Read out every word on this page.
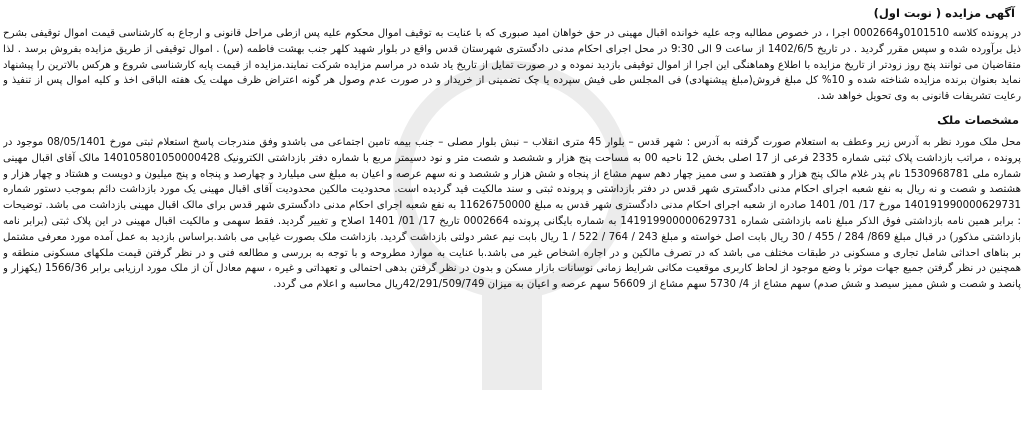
آگهی مزایده ( نوبت اول)

در پرونده کلاسه 0101510و0002664 اجرا ، در خصوص مطالبه وجه علیه خوانده اقبال مهینی در حق خواهان امید صبوری که با عنایت به توقیف اموال محکوم علیه پس ازطی مراحل قانونی و ارجاع به کارشناسی قیمت اموال توقیفی بشرح ذیل برآورده شده و سپس مقرر گردید . در تاریخ 1402/6/5 از ساعت 9 الی 9:30 در محل اجرای احکام مدنی دادگستری شهرستان قدس واقع در بلوار شهید کلهر جنب بهشت فاطمه (س) . اموال توقیفی از طریق مزایده بفروش برسد . لذا متقاضیان می توانند پنج روز زودتر از تاریخ مزایده با اطلاع وهماهنگی این اجرا از اموال توقیفی بازدید نموده و در صورت تمایل از تاریخ یاد شده در مراسم مزایده شرکت نمایند.مزایده از قیمت پایه کارشناسی شروع و هرکس بالاترین را پیشنهاد نماید بعنوان برنده مزایده شناخته شده و 10% کل مبلغ فروش(مبلغ پیشنهادی) فی المجلس طی فیش سپرده یا چک تضمینی از خریدار و در صورت عدم وصول هر گونه اعتراض ظرف مهلت یک هفته الباقی اخذ و کلیه اموال پس از تنفیذ و رعایت تشریفات قانونی به وی تحویل خواهد شد.

مشخصات ملک

محل ملک مورد نظر به آدرس زیر وعطف به استعلام صورت گرفته به آدرس : شهر قدس – بلوار 45 متری انقلاب – نبش بلوار مصلی – جنب بیمه تامین اجتماعی می باشدو وفق مندرجات پاسخ استعلام ثبتی مورخ 08/05/1401 موجود در پرونده ، مراتب بازداشت پلاک ثبتی شماره 2335 فرعی از 17 اصلی بخش 12 ناحیه 00 به مساحت پنج هزار و ششصد و شصت متر و نود دسیمتر مربع با شماره دفتر بازداشتی الکترونیک 140105801050000428 مالک آقای اقبال مهینی شماره ملی 1530968781 نام پدر غلام مالک پنج هزار و هفتصد و سی ممیز چهار دهم سهم مشاع از پنجاه و شش هزار و ششصد و نه سهم عرصه و اعیان به مبلغ سی میلیارد و چهارصد و پنجاه و پنج میلیون و دویست و هشتاد و چهار هزار و هشتصد و شصت و نه ریال به نفع شعبه اجرای احکام مدنی دادگستری شهر قدس در دفتر بازداشتی و پرونده ثبتی و سند مالکیت قید گردیده است. محدودیت مالکین محدودیت آقای اقبال مهینی یک مورد بازداشت دائم بموجب دستور شماره 140191990000629731 مورخ 17/ 01/ 1401 صادره از شعبه اجرای احکام مدنی دادگستری شهر قدس به مبلغ 11626750000 به نفع شعبه اجرای احکام مدنی دادگستری شهر قدس برای مالک اقبال مهینی بازداشت می باشد. توضیحات : برابر همین نامه بازداشتی فوق الذکر مبلغ نامه بازداشتی شماره 141919900000629731 به شماره بایگانی پرونده 0002664 تاریخ 17/ 01/ 1401 اصلاح و تغییر گردید. فقط سهمی و مالکیت اقبال مهینی در این پلاک ثبتی (برابر نامه بازداشتی مذکور) در قبال مبلغ 869/ 284 / 455 / 30 ریال بابت اصل خواسته و مبلغ 243 / 764 / 522 / 1 ریال بابت نیم عشر دولتی بازداشت گردید. بازداشت ملک بصورت غیابی می باشد.براساس بازدید به عمل آمده مورد معرفی مشتمل بر بناهای احداثی شامل تجاری و مسکونی در طبقات مختلف می باشد که در تصرف مالکین و در اجاره اشخاص غیر می باشد.با عنایت به موارد مطروحه و با توجه به بررسی و مطالعه فنی و در نظر گرفتن قیمت ملکهای مسکونی منطقه و همچنین در نظر گرفتن جمیع جهات موثر با وضع موجود از لحاظ کاربری موقعیت مکانی شرایط زمانی نوسانات بازار مسکن و بدون در نظر گرفتن بدهی احتمالی و تعهداتی و غیره ، سهم معادل آن از ملک مورد ارزیابی برابر 1566/36 (یکهزار و پانصد و شصت و شش ممیز سیصد و شش صدم) سهم مشاع از 4/ 5730 سهم مشاع از 56609 سهم عرصه و اعیان به میزان 42/291/509/749ریال محاسبه و اعلام می گردد.
